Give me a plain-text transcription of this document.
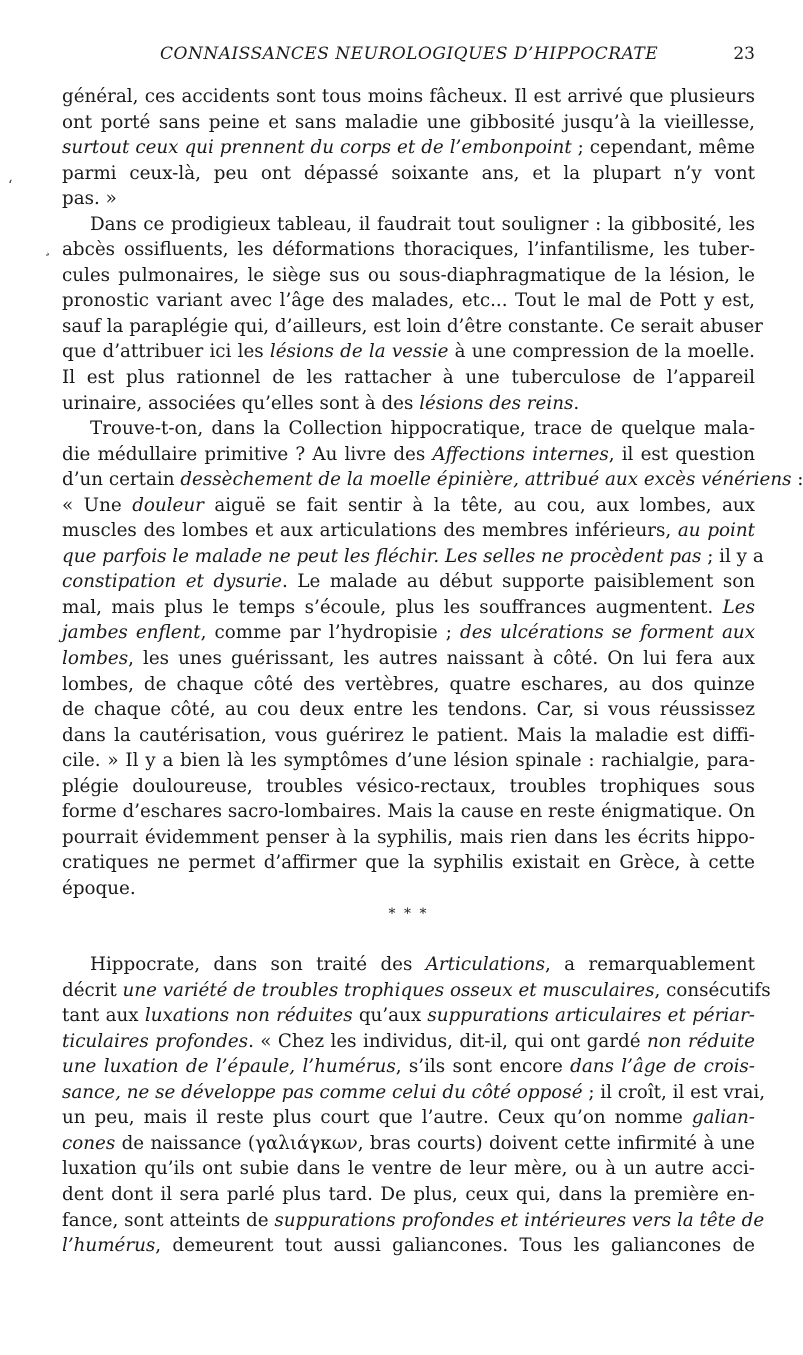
CONNAISSANCES NEUROLOGIQUES D’HIPPOCRATE	23
‘
¸
général, ces accidents sont tous moins fâcheux. Il est arrivé que plusieurs
ont porté sans peine et sans maladie une gibbosité jusqu’à la vieillesse,
surtout ceux qui prennent du corps et de l’embonpoint ; cependant, même
parmi ceux-là, peu ont dépassé soixante ans, et la plupart n’y vont
pas. »
Dans ce prodigieux tableau, il faudrait tout souligner : la gibbosité, les
abcès ossifluents, les déformations thoraciques, l’infantilisme, les tuber-
cules pulmonaires, le siège sus ou sous-diaphragmatique de la lésion, le
pronostic variant avec l’âge des malades, etc... Tout le mal de Pott y est,
sauf la paraplégie qui, d’ailleurs, est loin d’être constante. Ce serait abuser
que d’attribuer ici les lésions de la vessie à une compression de la moelle.
Il est plus rationnel de les rattacher à une tuberculose de l’appareil
urinaire, associées qu’elles sont à des lésions des reins.
Trouve-t-on, dans la Collection hippocratique, trace de quelque mala-
die médullaire primitive ? Au livre des Affections internes, il est question
d’un certain dessèchement de la moelle épinière, attribué aux excès vénériens :
« Une douleur aiguë se fait sentir à la tête, au cou, aux lombes, aux
muscles des lombes et aux articulations des membres inférieurs, au point
que parfois le malade ne peut les fléchir. Les selles ne procèdent pas ; il y a
constipation et dysurie. Le malade au début supporte paisiblement son
mal, mais plus le temps s’écoule, plus les souffrances augmentent. Les
jambes enflent, comme par l’hydropisie ; des ulcérations se forment aux
lombes, les unes guérissant, les autres naissant à côté. On lui fera aux
lombes, de chaque côté des vertèbres, quatre eschares, au dos quinze
de chaque côté, au cou deux entre les tendons. Car, si vous réussissez
dans la cautérisation, vous guérirez le patient. Mais la maladie est diffi-
cile. » Il y a bien là les symptômes d’une lésion spinale : rachialgie, para-
plégie douloureuse, troubles vésico-rectaux, troubles trophiques sous
forme d’eschares sacro-lombaires. Mais la cause en reste énigmatique. On
pourrait évidemment penser à la syphilis, mais rien dans les écrits hippo-
cratiques ne permet d’affirmer que la syphilis existait en Grèce, à cette
époque.
* * *
Hippocrate, dans son traité des Articulations, a remarquablement
décrit une variété de troubles trophiques osseux et musculaires, consécutifs
tant aux luxations non réduites qu’aux suppurations articulaires et périar-
ticulaires profondes. « Chez les individus, dit-il, qui ont gardé non réduite
une luxation de l’épaule, l’humérus, s’ils sont encore dans l’âge de crois-
sance, ne se développe pas comme celui du côté opposé ; il croît, il est vrai,
un peu, mais il reste plus court que l’autre. Ceux qu’on nomme galian-
cones de naissance (γαλιάγκων, bras courts) doivent cette infirmité à une
luxation qu’ils ont subie dans le ventre de leur mère, ou à un autre acci-
dent dont il sera parlé plus tard. De plus, ceux qui, dans la première en-
fance, sont atteints de suppurations profondes et intérieures vers la tête de
l’humérus, demeurent tout aussi galiancones. Tous les galiancones de
